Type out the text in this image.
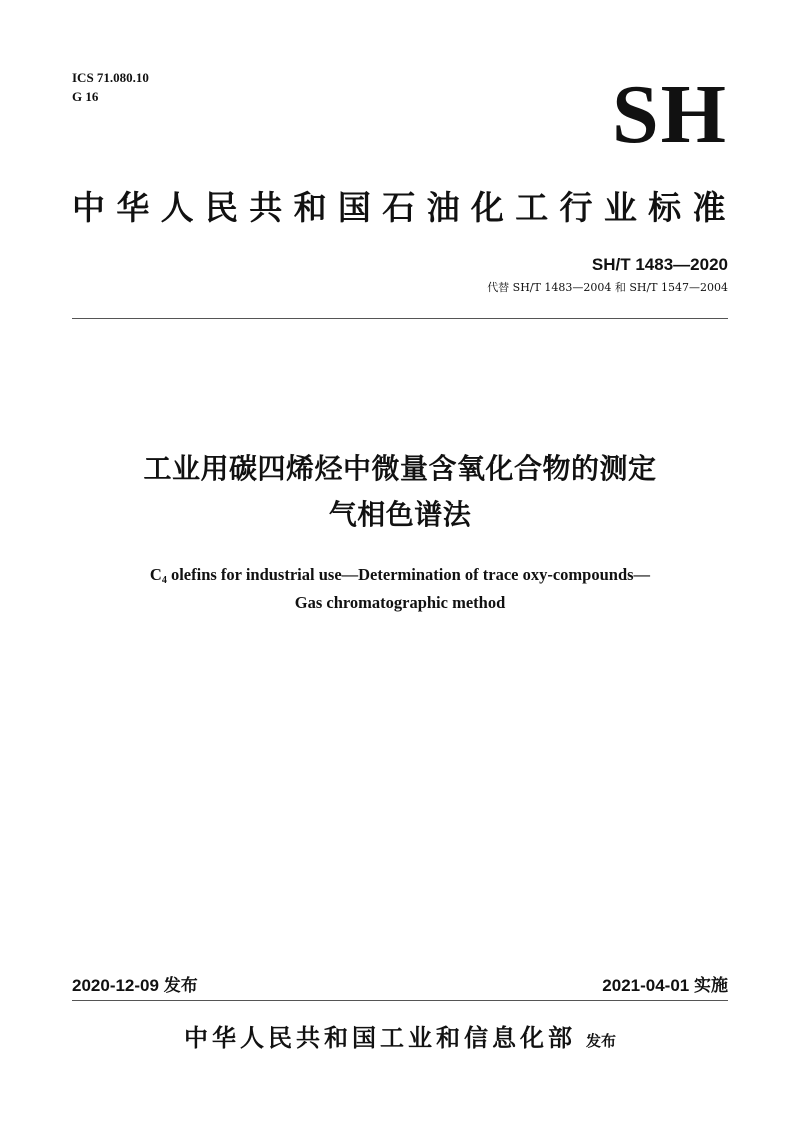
ICS 71.080.10
G 16	SH
中华人民共和国石油化工行业标准
SH/T 1483—2020
代替 SH/T 1483—2004 和 SH/T 1547—2004
工业用碳四烯烃中微量含氧化合物的测定
气相色谱法
$C_4$ olefins for industrial use—Determination of trace oxy-compounds—
Gas chromatographic method
2020-12-09 发布	2021-04-01 实施
中华人民共和国工业和信息化部 发布
